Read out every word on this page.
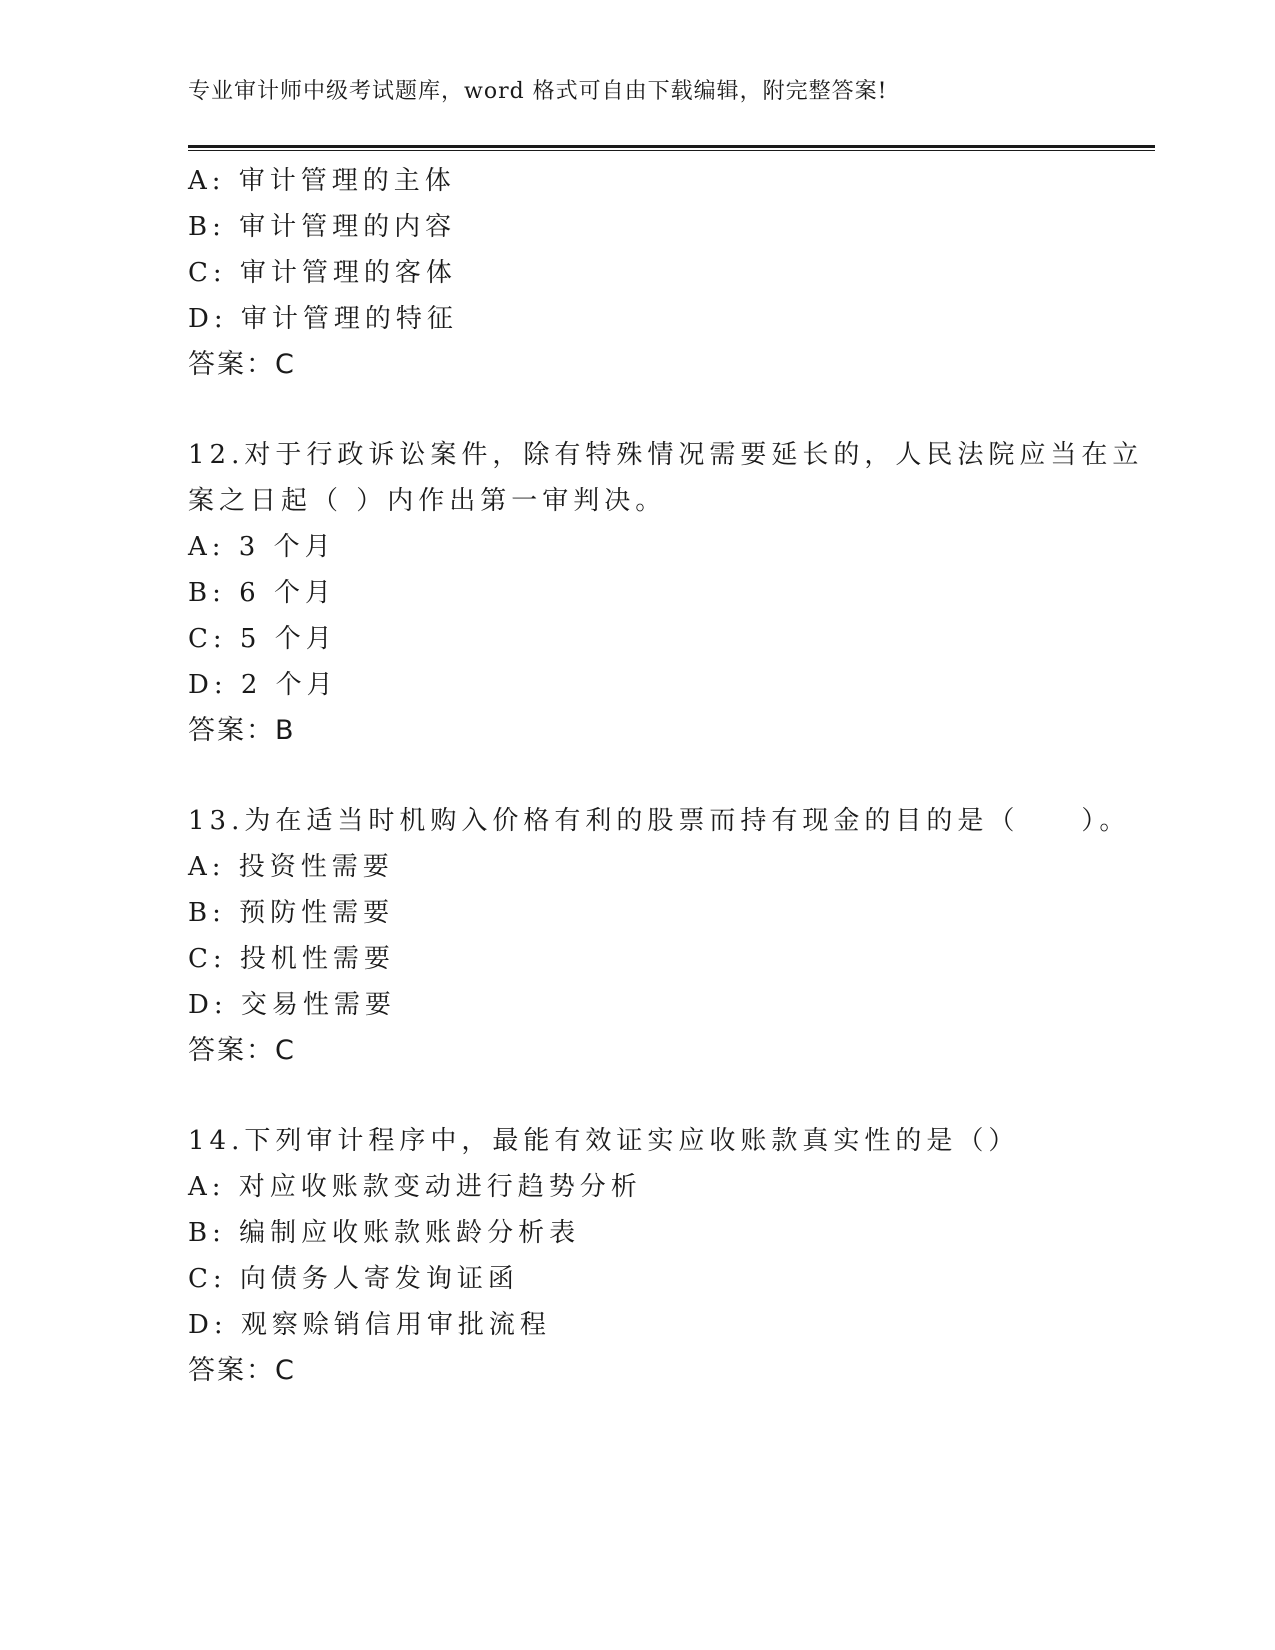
专业审计师中级考试题库，word 格式可自由下载编辑，附完整答案!
A: 审计管理的主体
B: 审计管理的内容
C: 审计管理的客体
D: 审计管理的特征
答案：C
12.对于行政诉讼案件，除有特殊情况需要延长的，人民法院应当在立
案之日起（ ）内作出第一审判决。
A: 3 个月
B: 6 个月
C: 5 个月
D: 2 个月
答案：B
13.为在适当时机购入价格有利的股票而持有现金的目的是（　　）。
A: 投资性需要
B: 预防性需要
C: 投机性需要
D: 交易性需要
答案：C
14.下列审计程序中，最能有效证实应收账款真实性的是（）
A: 对应收账款变动进行趋势分析
B: 编制应收账款账龄分析表
C: 向债务人寄发询证函
D: 观察赊销信用审批流程
答案：C
